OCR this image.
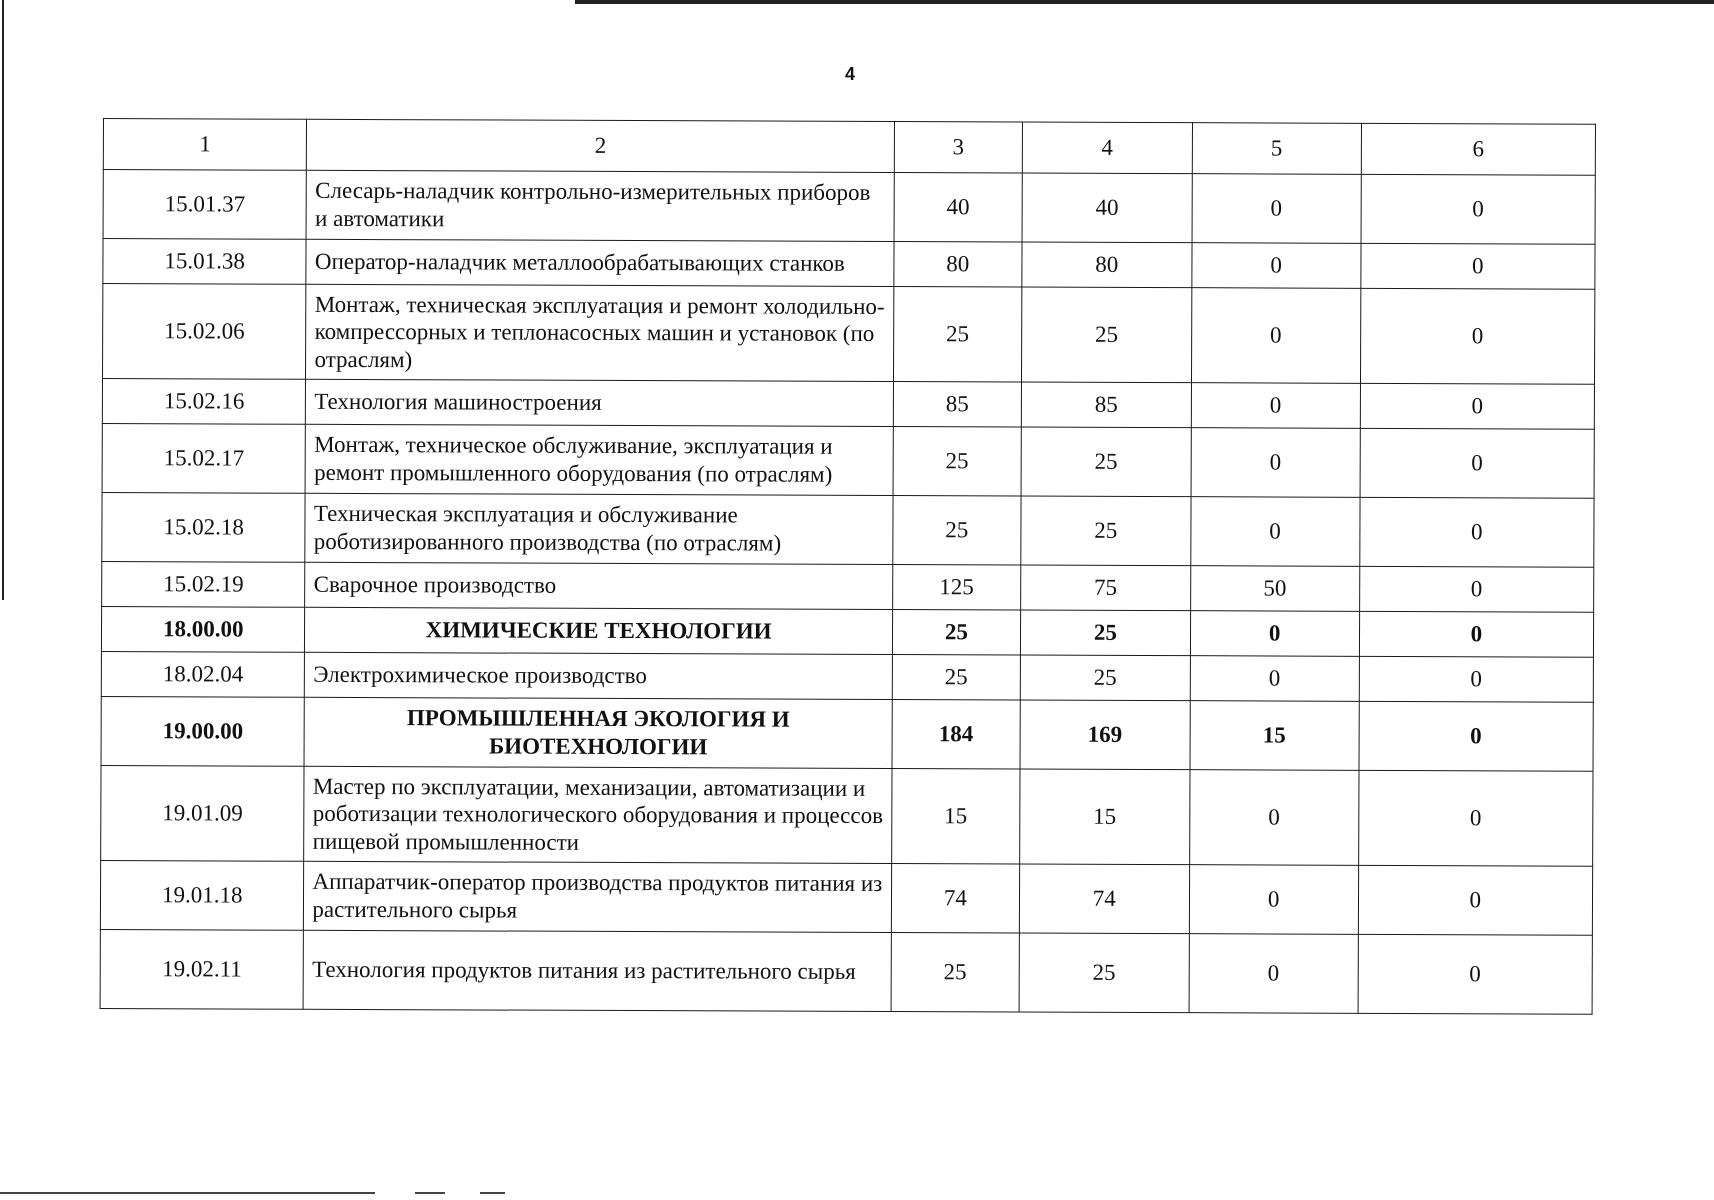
4
1	2	3	4	5	6
15.01.37	Слесарь-наладчик контрольно-измерительных приборов и автоматики	40	40	0	0
15.01.38	Оператор-наладчик металлообрабатывающих станков	80	80	0	0
15.02.06	Монтаж, техническая эксплуатация и ремонт холодильно-компрессорных и теплонасосных машин и установок (по отраслям)	25	25	0	0
15.02.16	Технология машиностроения	85	85	0	0
15.02.17	Монтаж, техническое обслуживание, эксплуатация и ремонт промышленного оборудования (по отраслям)	25	25	0	0
15.02.18	Техническая эксплуатация и обслуживание роботизированного производства (по отраслям)	25	25	0	0
15.02.19	Сварочное производство	125	75	50	0
18.00.00	ХИМИЧЕСКИЕ ТЕХНОЛОГИИ	25	25	0	0
18.02.04	Электрохимическое производство	25	25	0	0
19.00.00	ПРОМЫШЛЕННАЯ ЭКОЛОГИЯ И БИОТЕХНОЛОГИИ	184	169	15	0
19.01.09	Мастер по эксплуатации, механизации, автоматизации и роботизации технологического оборудования и процессов пищевой промышленности	15	15	0	0
19.01.18	Аппаратчик-оператор производства продуктов питания из растительного сырья	74	74	0	0
19.02.11	Технология продуктов питания из растительного сырья	25	25	0	0
